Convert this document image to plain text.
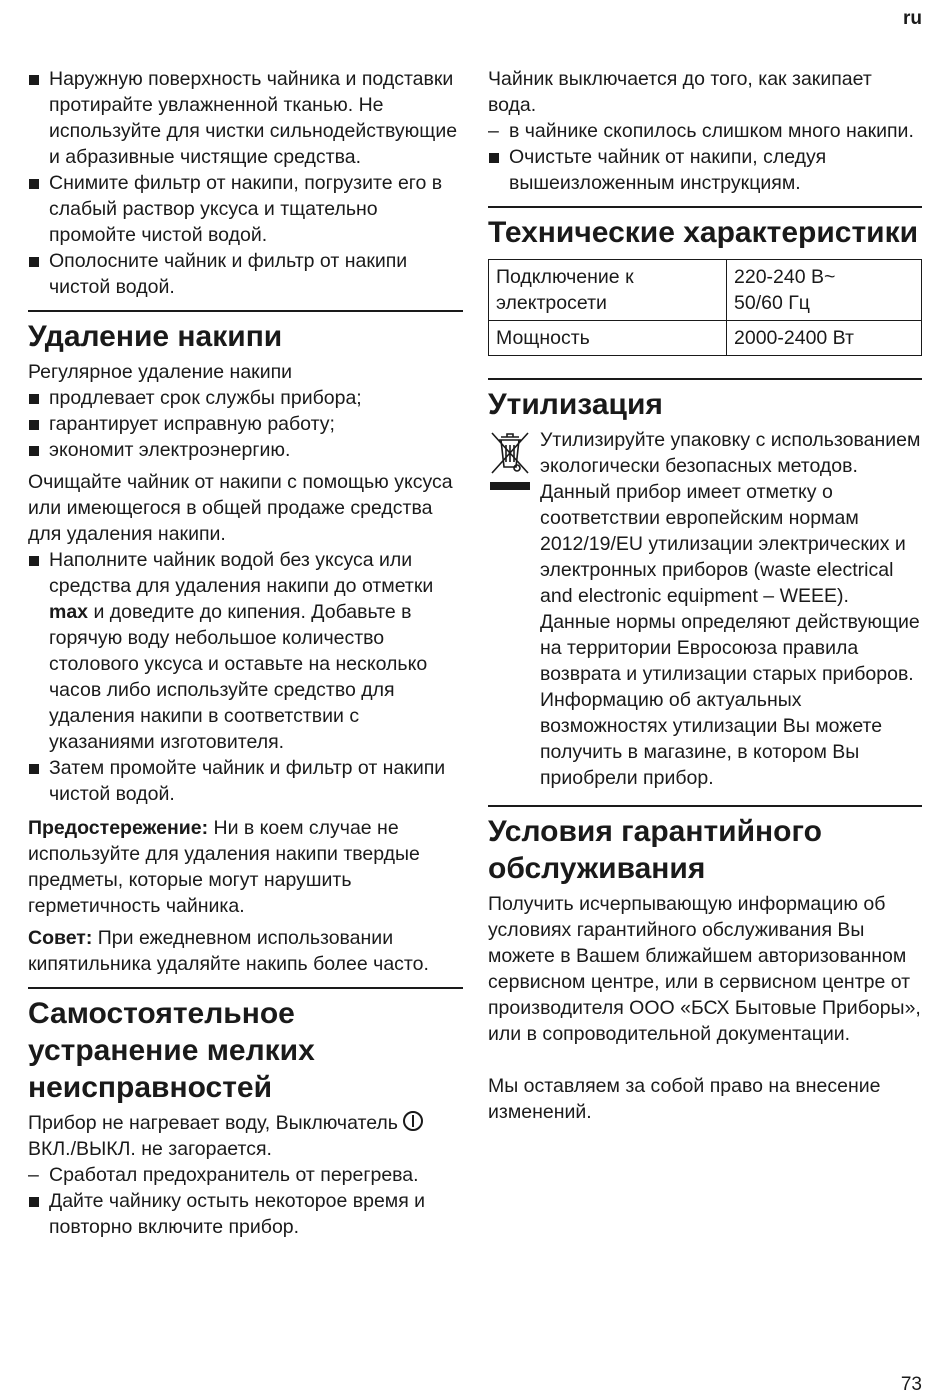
ru
Наружную поверхность чайника и подставки протирайте увлажненной тканью. Не используйте для чистки сильнодействующие и абразивные чистящие средства.
Снимите фильтр от накипи, погрузите его в слабый раствор уксуса и тщательно промойте чистой водой.
Ополосните чайник и фильтр от накипи чистой водой.
Удаление накипи

Регулярное удаление накипи

продлевает срок службы прибора;
гарантирует исправную работу;
экономит электроэнергию.

Очищайте чайник от накипи с помощью уксуса или имеющегося в общей продаже средства для удаления накипи.

Наполните чайник водой без уксуса или средства для удаления накипи до отметки max и доведите до кипения. Добавьте в горячую воду небольшое количество столового уксуса и оставьте на несколько часов либо используйте средство для удаления накипи в соответствии с указаниями изготовителя.
Затем промойте чайник и фильтр от накипи чистой водой.

Предостережение: Ни в коем случае не используйте для удаления накипи твердые предметы, которые могут нарушить герметичность чайника.

Совет: При ежедневном использовании кипятильника удаляйте накипь более часто.

Самостоятельное устранение мелких неисправностей

Прибор не нагревает воду, Выключатель  ВКЛ./ВЫКЛ. не загорается.

– Сработал предохранитель от перегрева.
Дайте чайнику остыть некоторое время и повторно включите прибор.

Чайник выключается до того, как закипает вода.

– в чайнике скопилось слишком много накипи.
Очистьте чайник от накипи, следуя вышеизложенным инструкциям.
Технические характеристики
Подключение к электросети	220-240 В~
50/60 Гц
Мощность	2000-2400 Вт
Утилизация

Утилизируйте упаковку с использованием экологически безопасных методов. Данный прибор имеет отметку о соответствии европейским нормам 2012/19/EU утилизации электрических и электронных приборов (waste electrical and electronic equipment – WEEE). Данные нормы определяют действующие на территории Евросоюза правила возврата и утилизации старых приборов. Информацию об актуальных возможностях утилизации Вы можете получить в магазине, в котором Вы приобрели прибор.

Условия гарантийного обслуживания

Получить исчерпывающую информацию об условиях гарантийного обслуживания Вы можете в Вашем ближайшем авторизованном сервисном центре, или в сервисном центре от производителя ООО «БСХ Бытовые Приборы», или в сопроводительной документации.

Мы оставляем за собой право на внесение изменений.

73
